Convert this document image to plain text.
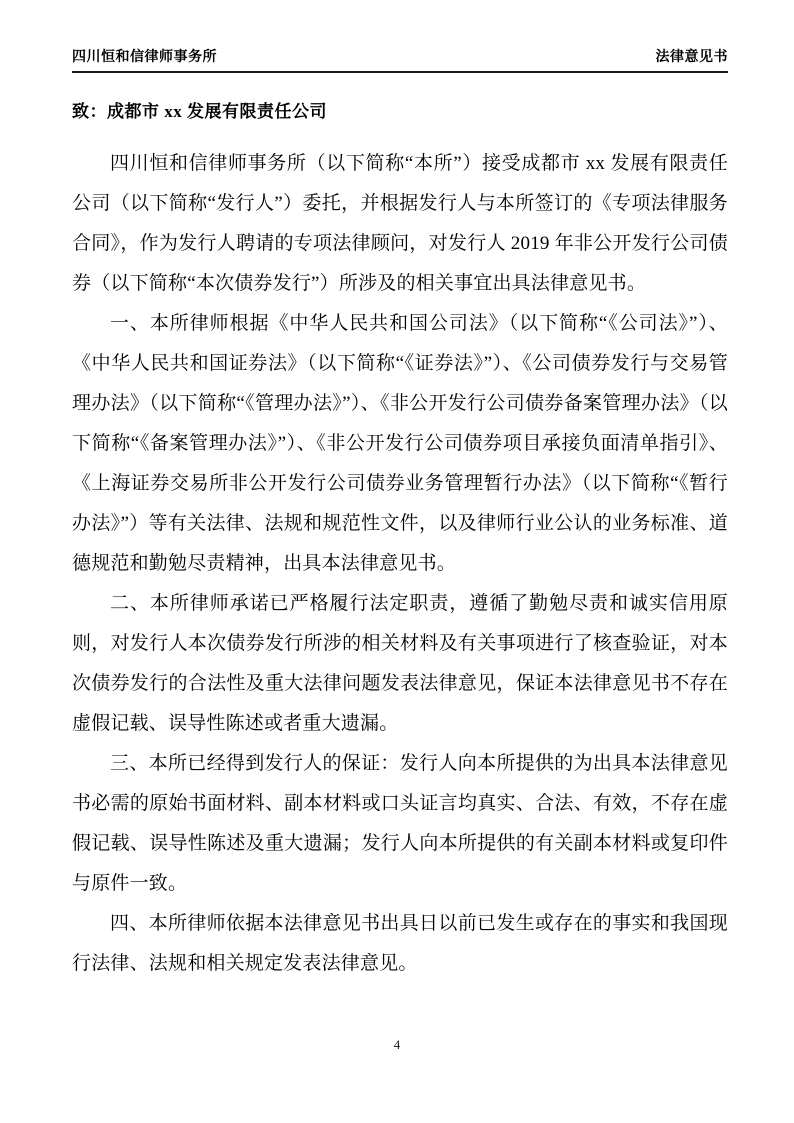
四川恒和信律师事务所	法律意见书
致：成都市 xx 发展有限责任公司

四川恒和信律师事务所（以下简称“本所”）接受成都市 xx 发展有限责任公司（以下简称“发行人”）委托，并根据发行人与本所签订的《专项法律服务合同》，作为发行人聘请的专项法律顾问，对发行人 2019 年非公开发行公司债券（以下简称“本次债券发行”）所涉及的相关事宜出具法律意见书。

一、本所律师根据《中华人民共和国公司法》（以下简称“《公司法》”）、《中华人民共和国证券法》（以下简称“《证券法》”）、《公司债券发行与交易管理办法》（以下简称“《管理办法》”）、《非公开发行公司债券备案管理办法》（以下简称“《备案管理办法》”）、《非公开发行公司债券项目承接负面清单指引》、《上海证券交易所非公开发行公司债券业务管理暂行办法》（以下简称“《暂行办法》”）等有关法律、法规和规范性文件，以及律师行业公认的业务标准、道德规范和勤勉尽责精神，出具本法律意见书。

二、本所律师承诺已严格履行法定职责，遵循了勤勉尽责和诚实信用原则，对发行人本次债券发行所涉的相关材料及有关事项进行了核查验证，对本次债券发行的合法性及重大法律问题发表法律意见，保证本法律意见书不存在虚假记载、误导性陈述或者重大遗漏。

三、本所已经得到发行人的保证：发行人向本所提供的为出具本法律意见书必需的原始书面材料、副本材料或口头证言均真实、合法、有效，不存在虚假记载、误导性陈述及重大遗漏；发行人向本所提供的有关副本材料或复印件与原件一致。

四、本所律师依据本法律意见书出具日以前已发生或存在的事实和我国现行法律、法规和相关规定发表法律意见。

4
